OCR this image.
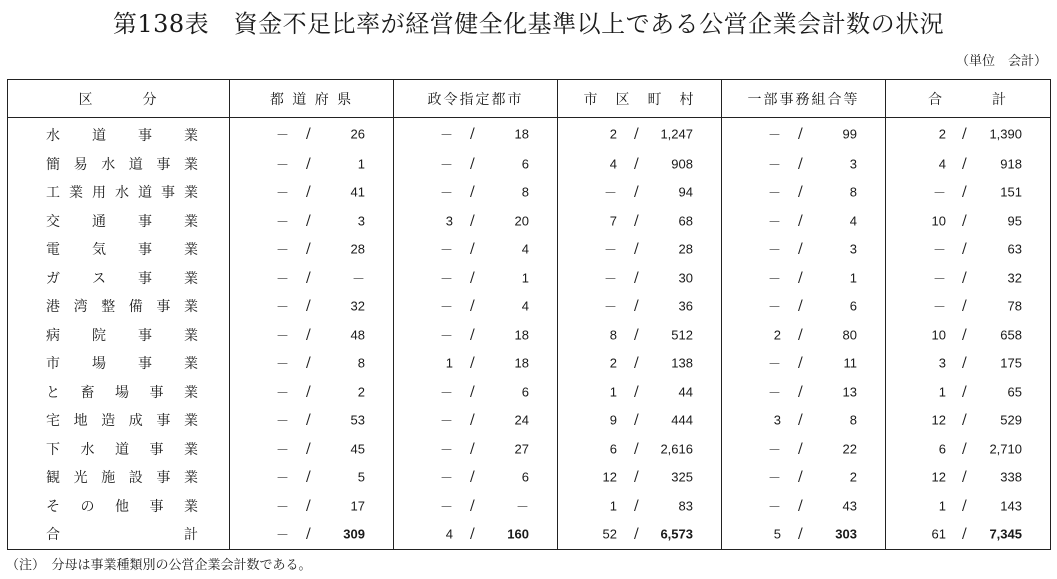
第138表　資金不足比率が経営健全化基準以上である公営企業会計数の状況
（単位　会計）
区　　　分	都 道 府 県	政令指定都市	市　区　町　村	一部事務組合等	合　　　計
水道事業	－ / 26	－ / 18	2 / 1,247	－ / 99	2 / 1,390

簡易水道事業	－ / 1	－ / 6	4 / 908	－ / 3	4 / 918

工業用水道事業	－ / 41	－ / 8	－ / 94	－ / 8	－ / 151

交通事業	－ / 3	3 / 20	7 / 68	－ / 4	10 / 95

電気事業	－ / 28	－ / 4	－ / 28	－ / 3	－ / 63

ガス事業	－ / －	－ / 1	－ / 30	－ / 1	－ / 32

港湾整備事業	－ / 32	－ / 4	－ / 36	－ / 6	－ / 78

病院事業	－ / 48	－ / 18	8 / 512	2 / 80	10 / 658

市場事業	－ / 8	1 / 18	2 / 138	－ / 11	3 / 175

と畜場事業	－ / 2	－ / 6	1 / 44	－ / 13	1 / 65

宅地造成事業	－ / 53	－ / 24	9 / 444	3 / 8	12 / 529

下水道事業	－ / 45	－ / 27	6 / 2,616	－ / 22	6 / 2,710

観光施設事業	－ / 5	－ / 6	12 / 325	－ / 2	12 / 338

その他事業	－ / 17	－ / －	1 / 83	－ / 43	1 / 143

合計	－ / 309	4 / 160	52 / 6,573	5 / 303	61 / 7,345
（注）　分母は事業種類別の公営企業会計数である。
